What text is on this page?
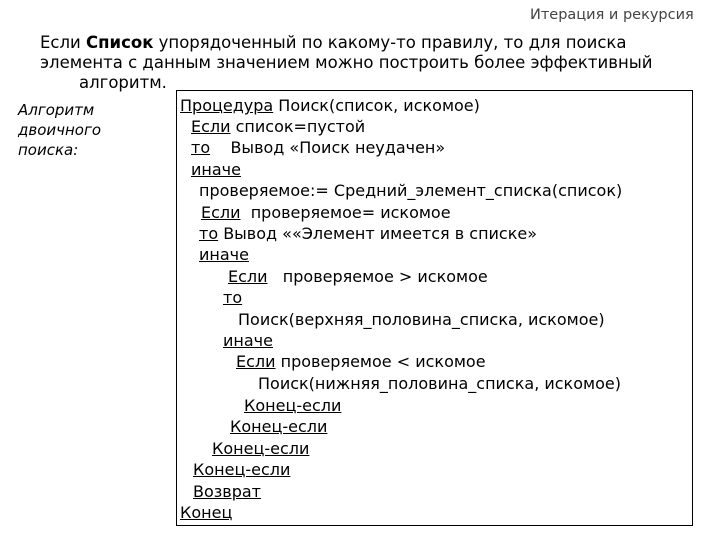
Итерация и рекурсия
Если Список упорядоченный по какому-то правилу, то для поиска
элемента с данным значением можно построить более эффективный
алгоритм.
Алгоритм
двоичного
поиска:
Процедура Поиск(список, искомое)
Если список=пустой
то    Вывод «Поиск неудачен»
иначе
проверяемое:= Средний_элемент_списка(список)
Если  проверяемое= искомое
то Вывод ««Элемент имеется в списке»
иначе
Если   проверяемое > искомое
то
Поиск(верхняя_половина_списка, искомое)
иначе
Если проверяемое < искомое
Поиск(нижняя_половина_списка, искомое)
Конец-если
Конец-если
Конец-если
Конец-если
Возврат
Конец
